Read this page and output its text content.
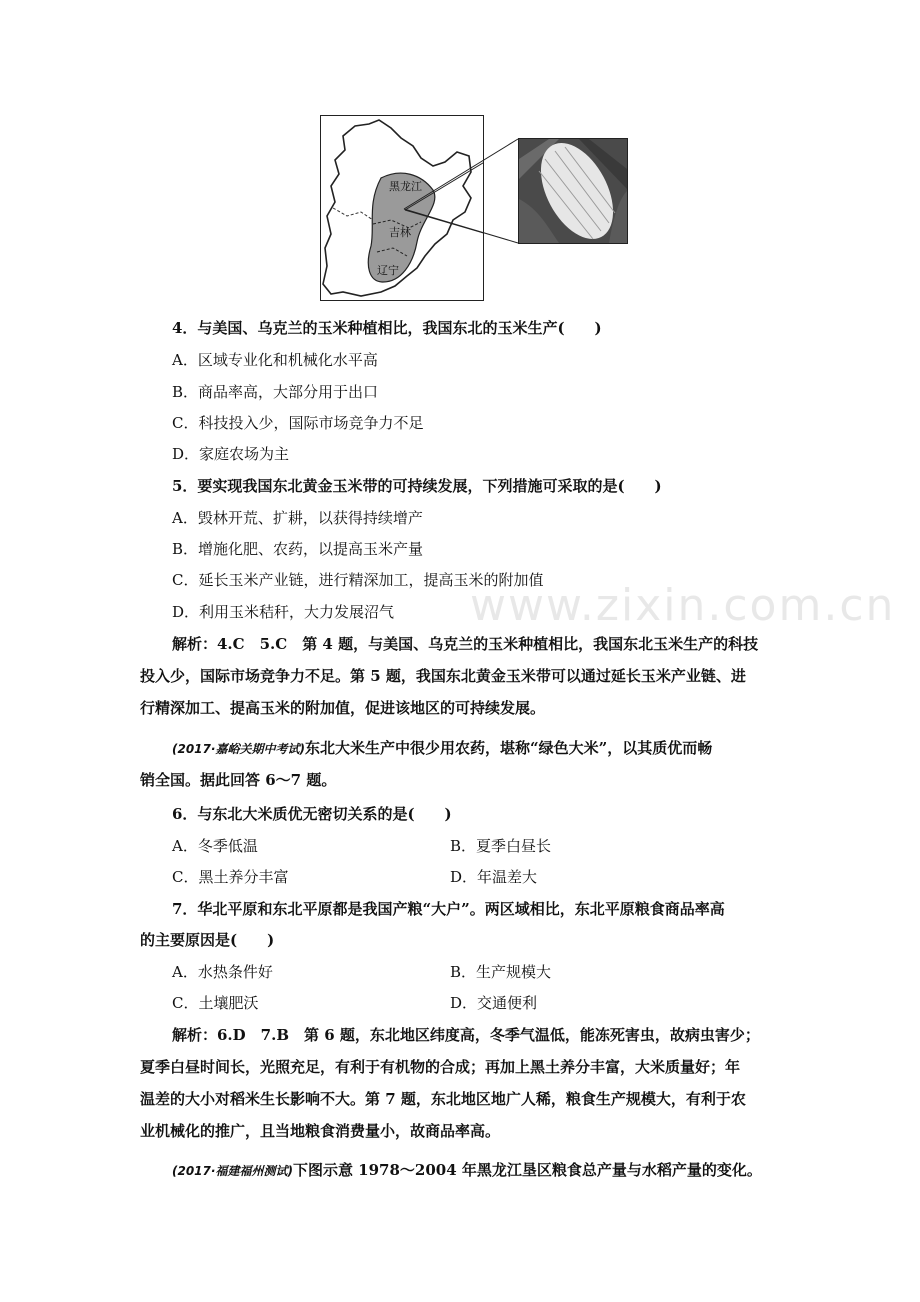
黑龙江
吉林
辽宁
www.zixin.com.cn
4．与美国、乌克兰的玉米种植相比，我国东北的玉米生产(　　)
A．区域专业化和机械化水平高
B．商品率高，大部分用于出口
C．科技投入少，国际市场竞争力不足
D．家庭农场为主
5．要实现我国东北黄金玉米带的可持续发展，下列措施可采取的是(　　)
A．毁林开荒、扩耕，以获得持续增产
B．增施化肥、农药，以提高玉米产量
C．延长玉米产业链，进行精深加工，提高玉米的附加值
D．利用玉米秸秆，大力发展沼气
解析：4.C　5.C　第 4 题，与美国、乌克兰的玉米种植相比，我国东北玉米生产的科技
投入少，国际市场竞争力不足。第 5 题，我国东北黄金玉米带可以通过延长玉米产业链、进
行精深加工、提高玉米的附加值，促进该地区的可持续发展。
(2017·嘉峪关期中考试)东北大米生产中很少用农药，堪称“绿色大米”，以其质优而畅
销全国。据此回答 6～7 题。
6．与东北大米质优无密切关系的是(　　)
A．冬季低温	B．夏季白昼长
C．黑土养分丰富	D．年温差大
7．华北平原和东北平原都是我国产粮“大户”。两区域相比，东北平原粮食商品率高
的主要原因是(　　)
A．水热条件好	B．生产规模大
C．土壤肥沃	D．交通便利
解析：6.D　7.B　第 6 题，东北地区纬度高，冬季气温低，能冻死害虫，故病虫害少；
夏季白昼时间长，光照充足，有利于有机物的合成；再加上黑土养分丰富，大米质量好；年
温差的大小对稻米生长影响不大。第 7 题，东北地区地广人稀，粮食生产规模大，有利于农
业机械化的推广，且当地粮食消费量小，故商品率高。
(2017·福建福州测试)下图示意 1978～2004 年黑龙江垦区粮食总产量与水稻产量的变化。
